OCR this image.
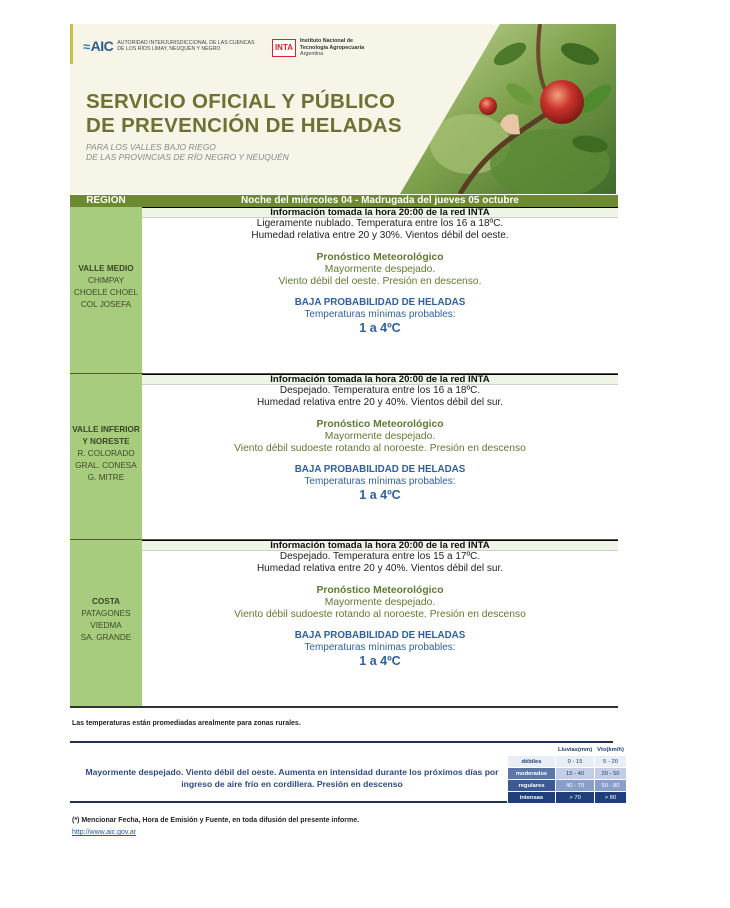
≈AIC AUTORIDAD INTERJURISDICCIONAL DE LAS CUENCAS DE LOS RÍOS LIMAY, NEUQUÉN Y NEGRO	INTA
Instituto Nacional de
Tecnología Agropecuaria
Argentina
SERVICIO OFICIAL Y PÚBLICO
DE PREVENCIÓN DE HELADAS
PARA LOS VALLES BAJO RIEGO
DE LAS PROVINCIAS DE RÍO NEGRO Y NEUQUÉN
REGIÓN	Noche del miércoles 04 - Madrugada del jueves 05 octubre
VALLE MEDIO
CHIMPAY
CHOELE CHOEL
COL JOSEFA
Información tomada la hora 20:00 de la red INTA
Ligeramente nublado. Temperatura entre los 16 a 18ºC.
Humedad relativa entre 20 y 30%. Vientos débil del oeste.
Pronóstico Meteorológico
Mayormente despejado.
Viento débil del oeste. Presión en descenso.
BAJA PROBABILIDAD DE HELADAS
Temperaturas mínimas probables:
1 a 4ºC
VALLE INFERIOR Y NORESTE
R. COLORADO
GRAL. CONESA
G. MITRE
Información tomada la hora 20:00 de la red INTA
Despejado. Temperatura entre los 16 a 18ºC.
Humedad relativa entre 20 y 40%. Vientos débil del sur.
Pronóstico Meteorológico
Mayormente despejado.
Viento débil sudoeste rotando al noroeste. Presión en descenso
BAJA PROBABILIDAD DE HELADAS
Temperaturas mínimas probables:
1 a 4ºC
COSTA
PATAGONES
VIEDMA
SA. GRANDE
Información tomada la hora 20:00 de la red INTA
Despejado. Temperatura entre los 15 a 17ºC.
Humedad relativa entre 20 y 40%. Vientos débil del sur.
Pronóstico Meteorológico
Mayormente despejado.
Viento débil sudoeste rotando al noroeste. Presión en descenso
BAJA PROBABILIDAD DE HELADAS
Temperaturas mínimas probables:
1 a 4ºC
Las temperaturas están promediadas arealmente para zonas rurales.
Mayormente despejado. Viento débil del oeste. Aumenta en intensidad durante los próximos días por ingreso de aire frío en cordillera. Presión en descenso
	Lluvias(mm)	Vto(km/h)
débiles	0 - 15	5 - 20
moderados	15 - 40	20 - 50
regulares	40 - 70	50 - 80
intensas	> 70	> 80
(*) Mencionar Fecha, Hora de Emisión y Fuente, en toda difusión del presente informe.
http://www.aic.gov.ar
